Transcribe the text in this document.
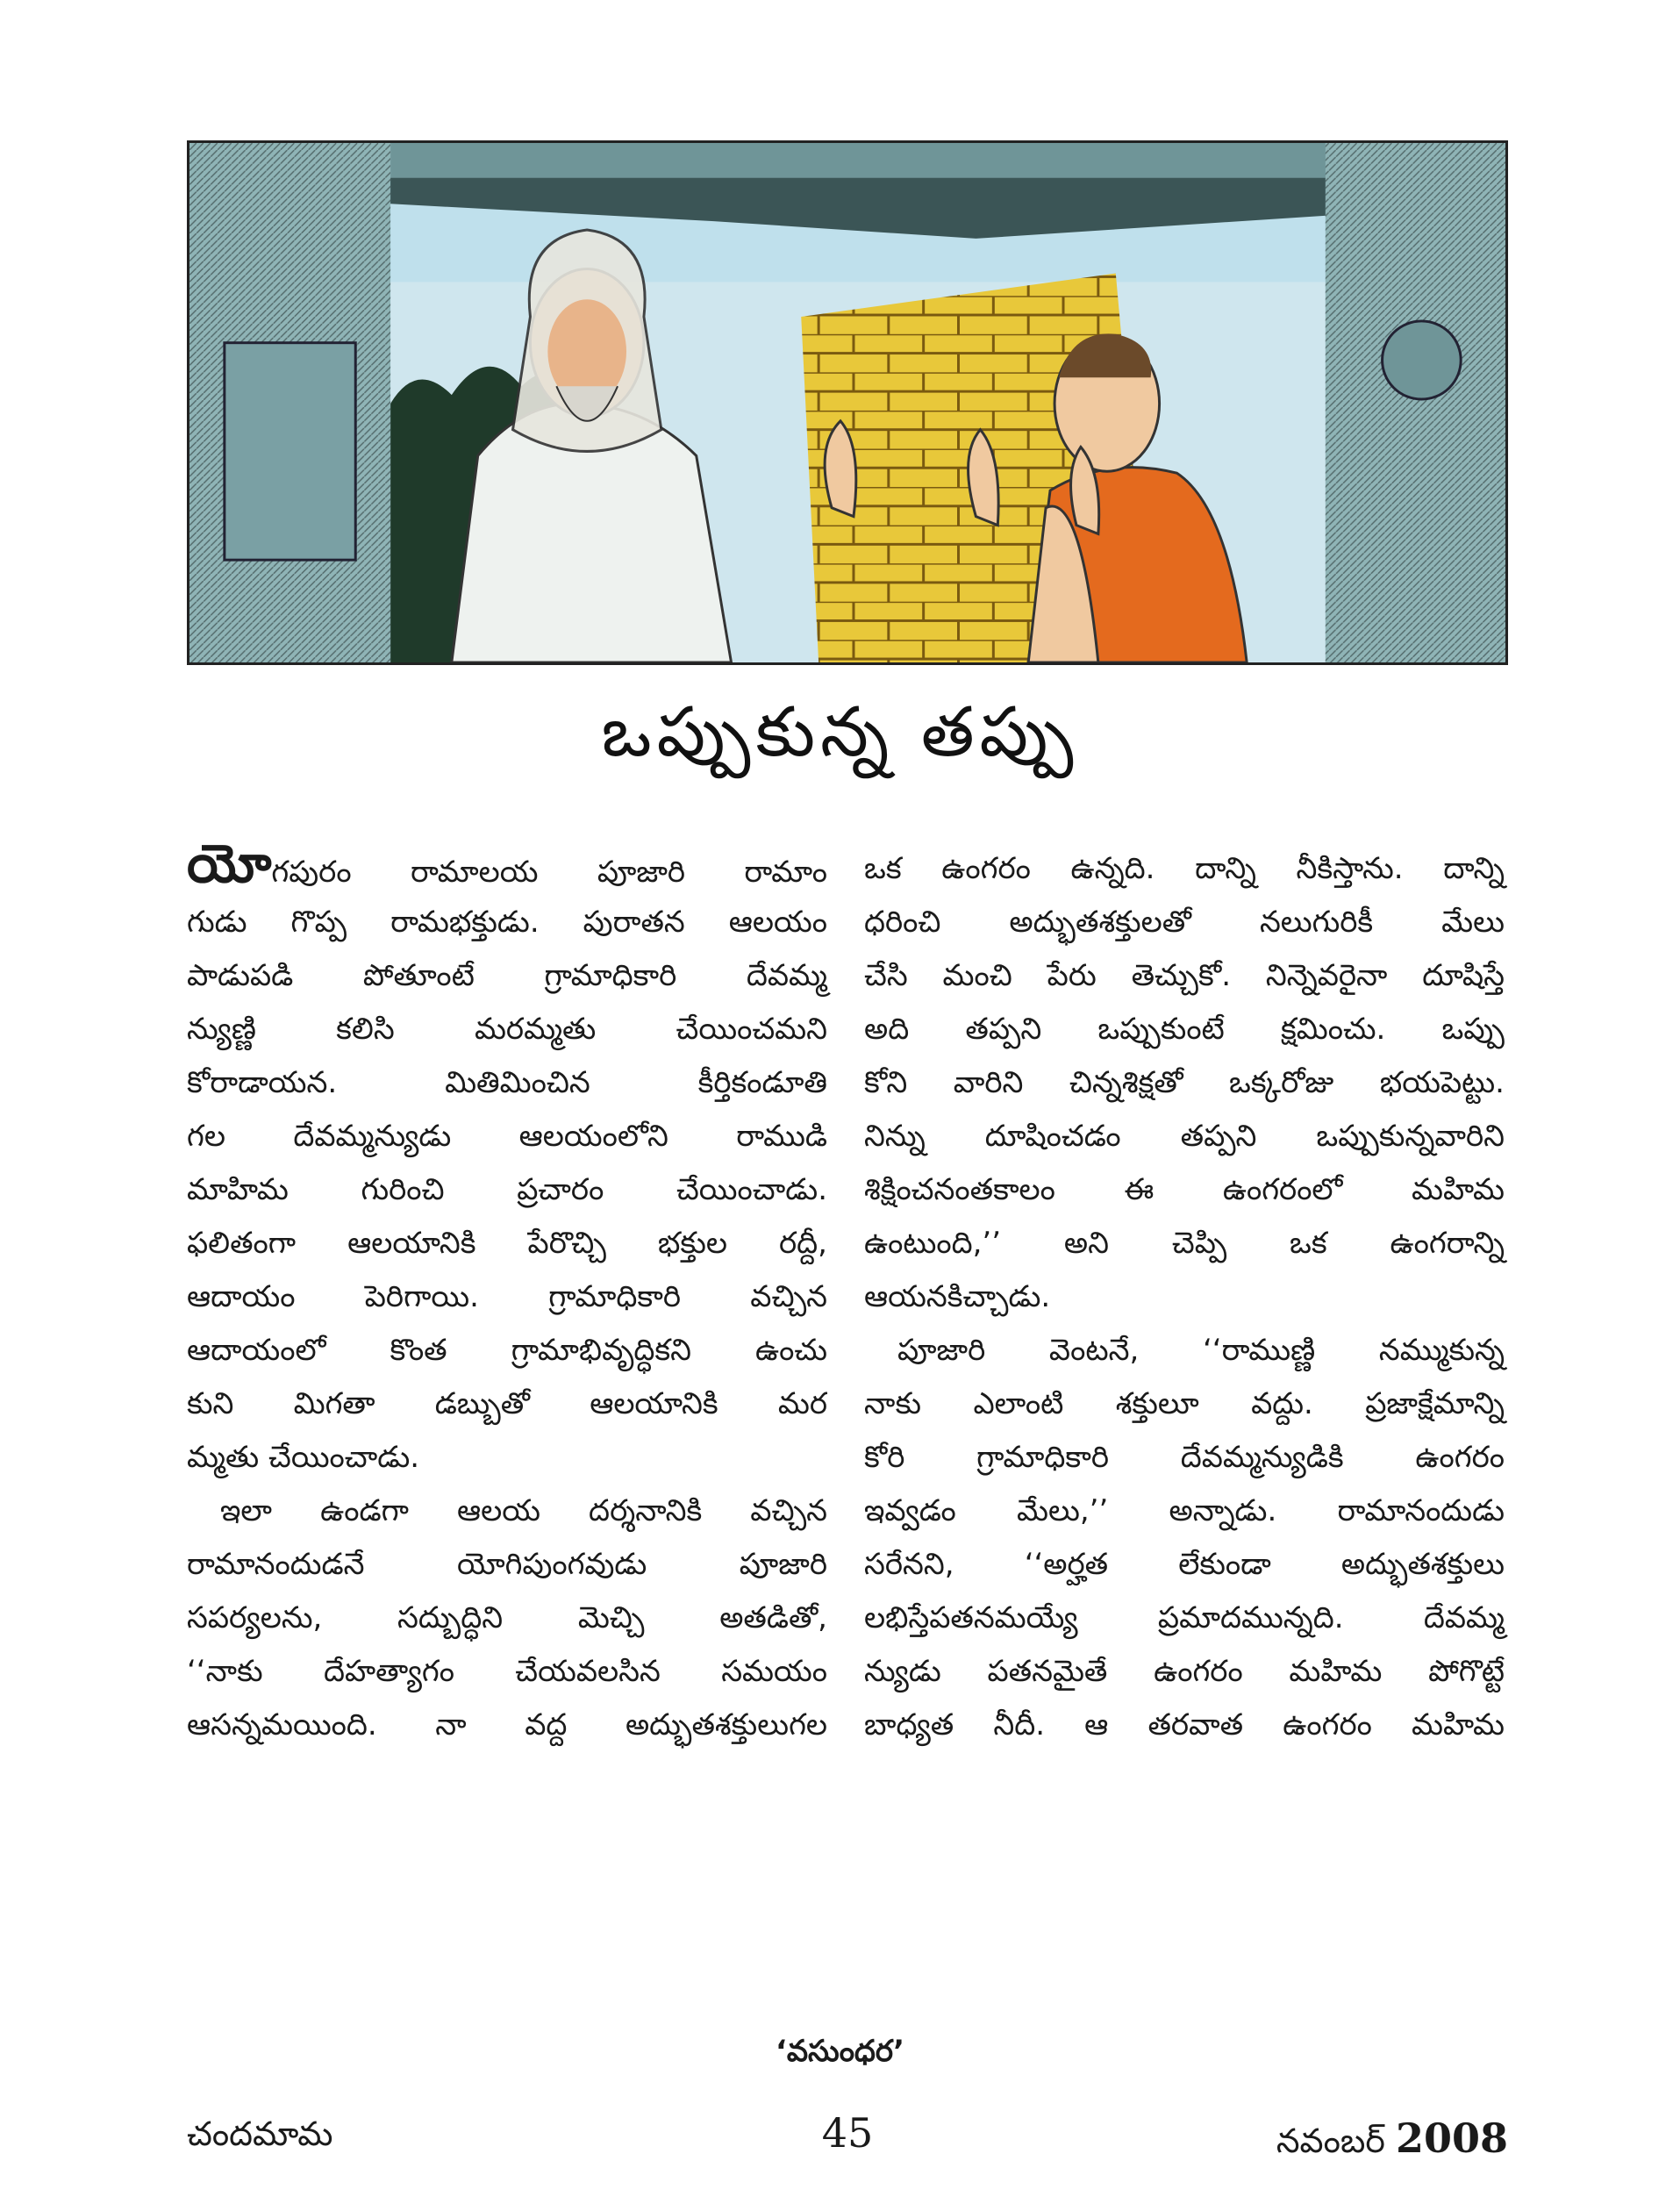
ఒప్పుకున్న తప్పు
యోగపురం రామాలయ పూజారి రామాం
గుడు గొప్ప రామభక్తుడు. పురాతన ఆలయం
పాడుపడి పోతూంటే గ్రామాధికారి దేవమ్మ
న్యుణ్ణి కలిసి మరమ్మతు చేయించమని
కోరాడాయన. మితిమించిన కీర్తికండూతి
గల దేవమ్మన్యుడు ఆలయంలోని రాముడి
మాహిమ గురించి ప్రచారం చేయించాడు.
ఫలితంగా ఆలయానికి పేరొచ్చి భక్తుల రద్దీ,
ఆదాయం పెరిగాయి. గ్రామాధికారి వచ్చిన
ఆదాయంలో కొంత గ్రామాభివృద్ధికని ఉంచు
కుని మిగతా డబ్బుతో ఆలయానికి మర
మ్మతు చేయించాడు.
ఇలా ఉండగా ఆలయ దర్శనానికి వచ్చిన
రామానందుడనే యోగిపుంగవుడు పూజారి
సపర్యలను, సద్బుద్ధిని మెచ్చి అతడితో,
‘‘నాకు దేహత్యాగం చేయవలసిన సమయం
ఆసన్నమయింది. నా వద్ద అద్భుతశక్తులుగల
ఒక ఉంగరం ఉన్నది. దాన్ని నీకిస్తాను. దాన్ని
ధరించి అద్భుతశక్తులతో నలుగురికీ మేలు
చేసి మంచి పేరు తెచ్చుకో. నిన్నెవరైనా దూషిస్తే
అది తప్పని ఒప్పుకుంటే క్షమించు. ఒప్పు
కోని వారిని చిన్నశిక్షతో ఒక్కరోజు భయపెట్టు.
నిన్ను దూషించడం తప్పని ఒప్పుకున్నవారిని
శిక్షించనంతకాలం ఈ ఉంగరంలో మహిమ
ఉంటుంది,’’ అని చెప్పి ఒక ఉంగరాన్ని
ఆయనకిచ్చాడు.
పూజారి వెంటనే, ‘‘రాముణ్ణి నమ్ముకున్న
నాకు ఎలాంటి శక్తులూ వద్దు. ప్రజాక్షేమాన్ని
కోరి గ్రామాధికారి దేవమ్మన్యుడికి ఉంగరం
ఇవ్వడం మేలు,’’ అన్నాడు. రామానందుడు
సరేనని, ‘‘అర్హత లేకుండా అద్భుతశక్తులు
లభిస్తేపతనమయ్యే ప్రమాదమున్నది. దేవమ్మ
న్యుడు పతనమైతే ఉంగరం మహిమ పోగొట్టే
బాధ్యత నీదీ. ఆ తరవాత ఉంగరం మహిమ
‘వసుంధర’
చందమామ	45	నవంబర్ 2008
